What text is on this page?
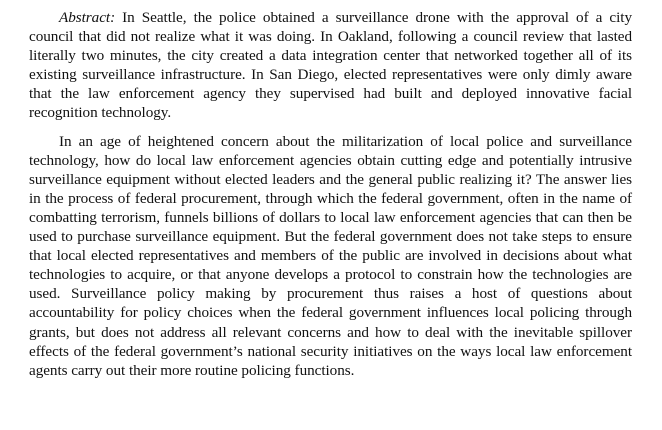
Abstract: In Seattle, the police obtained a surveillance drone with the approval of a city council that did not realize what it was doing. In Oakland, following a council review that lasted literally two minutes, the city created a data integration center that networked together all of its existing surveillance infrastructure. In San Diego, elected representatives were only dimly aware that the law enforcement agency they supervised had built and deployed innovative facial recognition technology.

In an age of heightened concern about the militarization of local police and surveillance technology, how do local law enforcement agencies obtain cutting edge and potentially intrusive surveillance equipment without elected leaders and the general public realizing it? The answer lies in the process of federal procurement, through which the federal government, often in the name of combatting terrorism, funnels billions of dollars to local law enforcement agencies that can then be used to purchase surveillance equipment. But the federal government does not take steps to ensure that local elected representatives and members of the public are involved in decisions about what technologies to acquire, or that anyone develops a protocol to constrain how the technologies are used. Surveillance policy making by procurement thus raises a host of questions about accountability for policy choices when the federal government influences local policing through grants, but does not address all relevant concerns and how to deal with the inevitable spillover effects of the federal government’s national security initiatives on the ways local law enforcement agents carry out their more routine policing functions.
